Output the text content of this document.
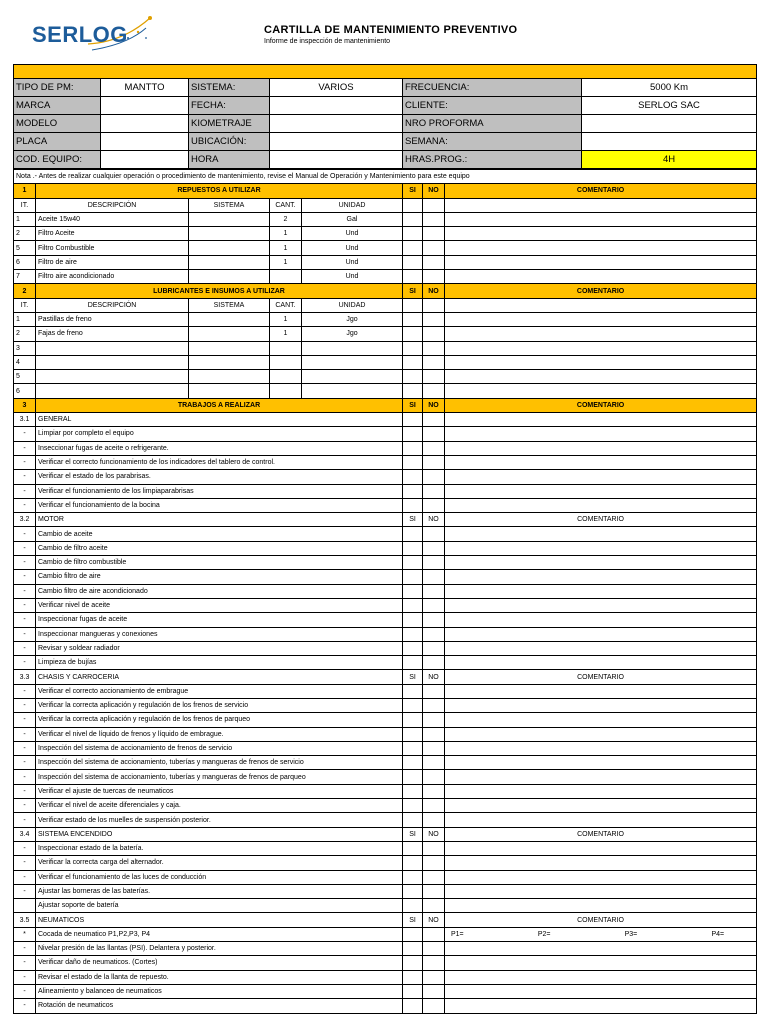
SERLOG	CARTILLA DE MANTENIMIENTO PREVENTIVO
Informe de inspección de mantenimiento

TIPO DE PM:	MANTTO	SISTEMA:	VARIOS	FRECUENCIA:	5000 Km
MARCA		FECHA:		CLIENTE:	SERLOG SAC
MODELO		KIOMETRAJE		NRO PROFORMA	
PLACA		UBICACIÓN:		SEMANA:	
COD. EQUIPO:		HORA		HRAS.PROG.:	4H
Nota .- Antes de realizar cualquier operación o procedimiento de mantenimiento, revise el Manual de Operación y Mantenimiento para este equipo							
1	REPUESTOS A UTILIZAR				SI	NO	COMENTARIO
IT.	DESCRIPCIÓN	SISTEMA	CANT.	UNIDAD			
1	Aceite 15w40		2	Gal			
2	Filtro Aceite		1	Und			
5	Filtro Combustible		1	Und			
6	Filtro de aire		1	Und			
7	Filtro aire acondicionado			Und			
2	LUBRICANTES E INSUMOS A UTILIZAR				SI	NO	COMENTARIO
IT.	DESCRIPCIÓN	SISTEMA	CANT.	UNIDAD			
1	Pastillas de freno		1	Jgo			
2	Fajas de freno		1	Jgo			
3							
4							
5							
6							
3	TRABAJOS A REALIZAR				SI	NO	COMENTARIO
3.1	GENERAL						
-	Limpiar por completo el equipo						
-	Inseccionar fugas de aceite o refrigerante.						
-	Verificar el correcto funcionamiento de los indicadores del tablero de control.						
-	Verificar el estado de los parabrisas.						
-	Verificar el funcionamiento de los limpiaparabrisas						
-	Verificar el funcionamiento de la bocina						
3.2	MOTOR				SI	NO	COMENTARIO
-	Cambio de aceite						
-	Cambio de filtro aceite						
-	Cambio de filtro combustible						
-	Cambio filtro de aire						
-	Cambio filtro de aire acondicionado						
-	Verificar nivel de aceite						
-	Inspeccionar fugas de aceite						
-	Inspeccionar mangueras y conexiones						
-	Revisar y soldear radiador						
-	Limpieza de bujías						
3.3	CHASIS Y CARROCERIA				SI	NO	COMENTARIO
-	Verificar el correcto accionamiento de embrague						
-	Verificar la correcta aplicación y regulación de los frenos de servicio						
-	Verificar la correcta aplicación y regulación de los frenos de parqueo						
-	Verificar el nivel de líquido de frenos y líquido de embrague.						
-	Inspección del sistema de accionamiento de frenos de servicio						
-	Inspección del sistema de accionamiento, tuberías y mangueras de frenos de servicio						
-	Inspección del sistema de accionamiento, tuberías y mangueras de frenos de parqueo						
-	Verificar el ajuste de tuercas de neumaticos						
-	Verificar el nivel de aceite diferenciales y caja.						
-	Verificar estado de los muelles de suspensión posterior.						
3.4	SISTEMA ENCENDIDO				SI	NO	COMENTARIO
-	Inspeccionar estado de la batería.						
-	Verificar la correcta carga del alternador.						
-	Verificar el funcionamiento de las luces de conducción						
-	Ajustar las borneras de las baterías.						
	Ajustar soporte de batería						
3.5	NEUMATICOS				SI	NO	COMENTARIO
*	Cocada de neumatico P1,P2,P3, P4						P1= P2= P3= P4=

-	Nivelar presión de las llantas (PSI). Delantera y posterior.						
-	Verificar daño de neumaticos. (Cortes)						
-	Revisar el estado de la llanta de repuesto.						
-	Alineamiento y balanceo de neumaticos						
-	Rotación de neumaticos						
